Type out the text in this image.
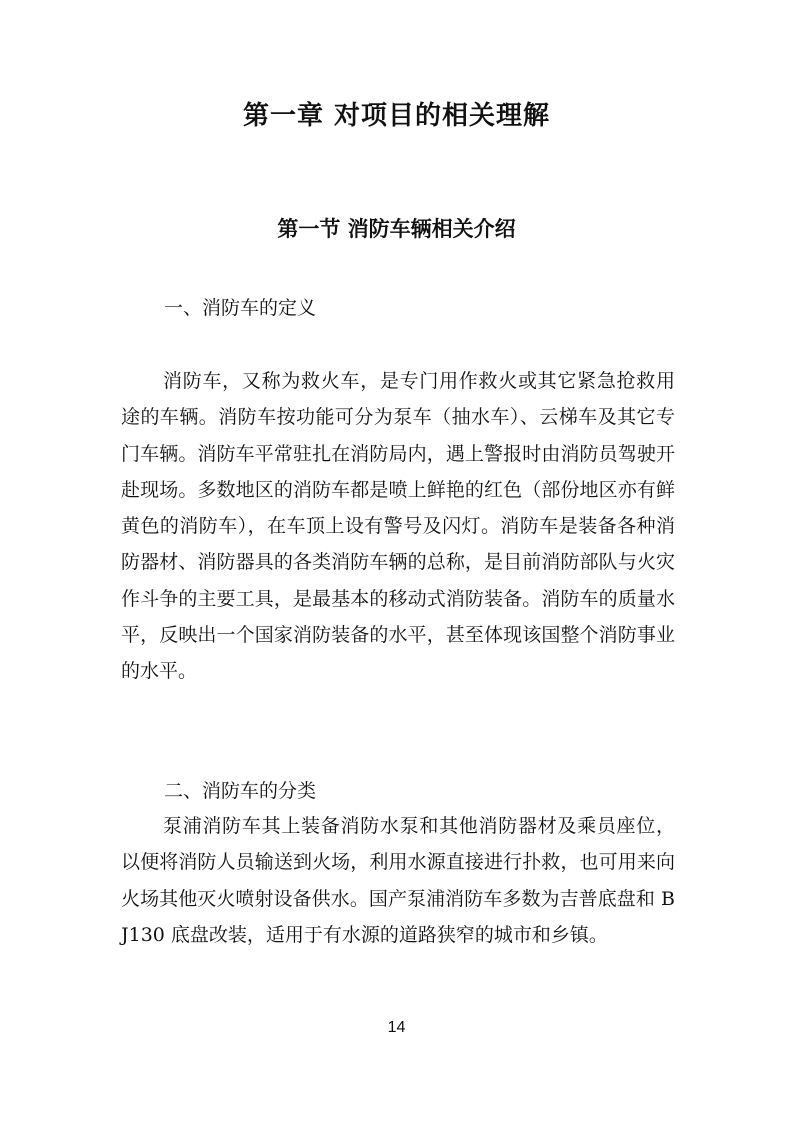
第一章 对项目的相关理解
第一节 消防车辆相关介绍

一、消防车的定义

消防车，又称为救火车，是专门用作救火或其它紧急抢救用途的车辆。消防车按功能可分为泵车（抽水车）、云梯车及其它专门车辆。消防车平常驻扎在消防局内，遇上警报时由消防员驾驶开赴现场。多数地区的消防车都是喷上鲜艳的红色（部份地区亦有鲜黄色的消防车），在车顶上设有警号及闪灯。消防车是装备各种消防器材、消防器具的各类消防车辆的总称，是目前消防部队与火灾作斗争的主要工具，是最基本的移动式消防装备。消防车的质量水平，反映出一个国家消防装备的水平，甚至体现该国整个消防事业的水平。

二、消防车的分类

泵浦消防车其上装备消防水泵和其他消防器材及乘员座位，以便将消防人员输送到火场，利用水源直接进行扑救，也可用来向火场其他灭火喷射设备供水。国产泵浦消防车多数为吉普底盘和 BJ130 底盘改装，适用于有水源的道路狭窄的城市和乡镇。

14
